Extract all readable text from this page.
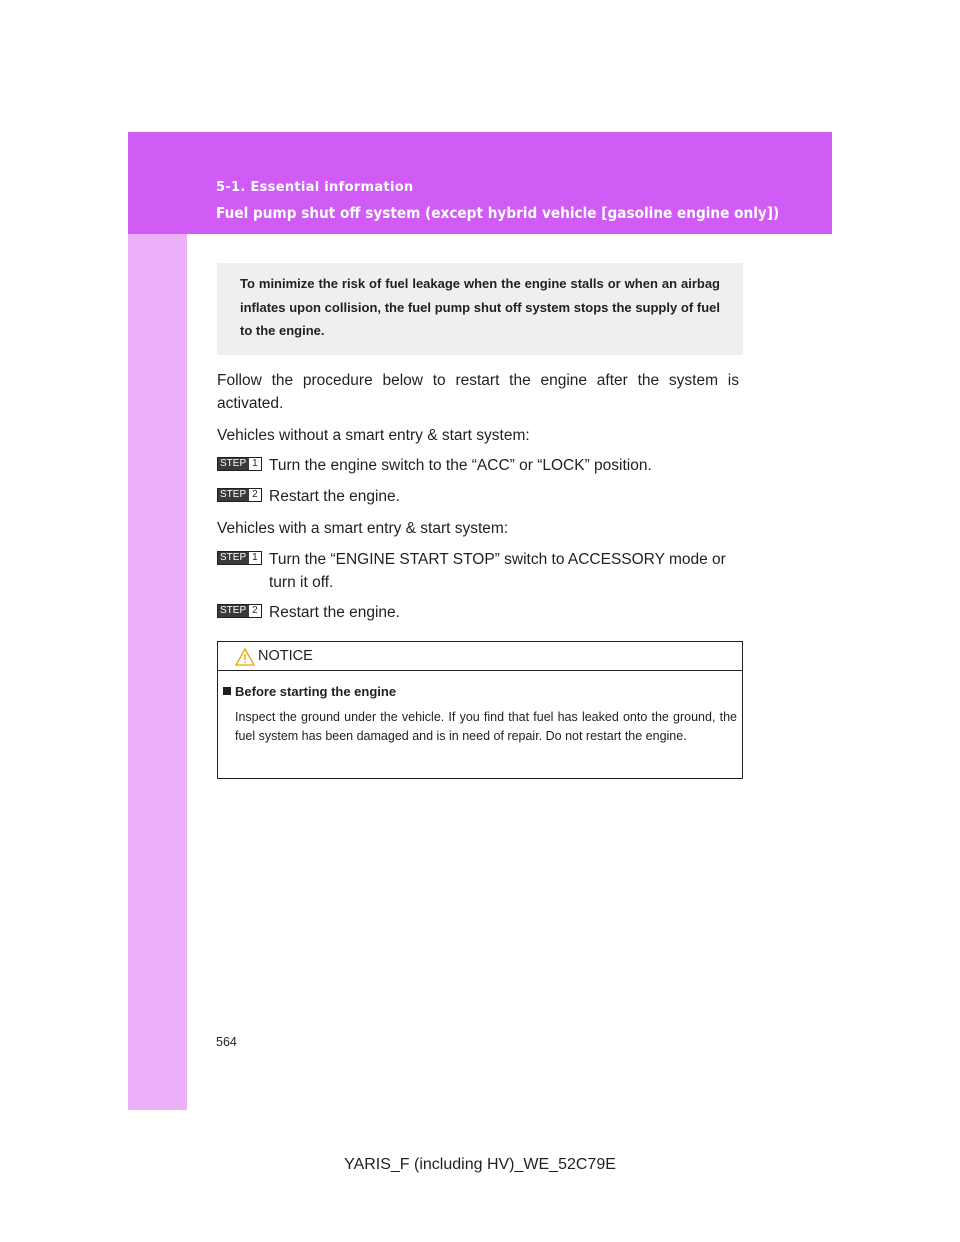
5-1. Essential information
Fuel pump shut off system (except hybrid vehicle [gasoline engine only])

To minimize the risk of fuel leakage when the engine stalls or when an airbag inflates upon collision, the fuel pump shut off system stops the supply of fuel to the engine.

Follow the procedure below to restart the engine after the system is activated.

Vehicles without a smart entry & start system:

STEP 1 Turn the engine switch to the “ACC” or “LOCK” position.
STEP 2 Restart the engine.

Vehicles with a smart entry & start system:

STEP 1 Turn the “ENGINE START STOP” switch to ACCESSORY mode or turn it off.
STEP 2 Restart the engine.
NOTICE
Before starting the engine

Inspect the ground under the vehicle. If you find that fuel has leaked onto the ground, the fuel system has been damaged and is in need of repair. Do not restart the engine.

564
YARIS_F (including HV)_WE_52C79E
